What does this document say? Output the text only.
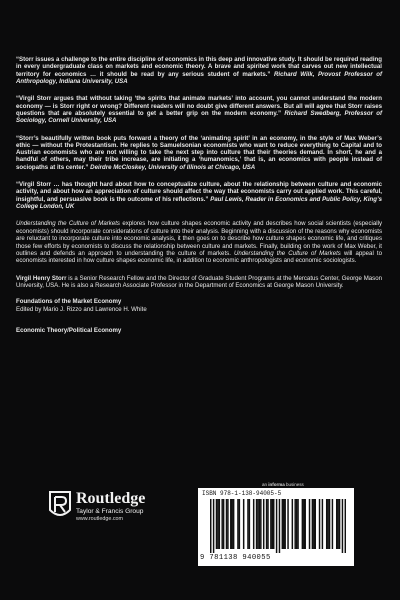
“Storr issues a challenge to the entire discipline of economics in this deep and innovative study. It should be required reading in every undergraduate class on markets and economic theory. A brave and spirited work that carves out new intellectual territory for economics … it should be read by any serious student of markets.” Richard Wilk, Provost Professor of Anthropology, Indiana University, USA

“Virgil Storr argues that without taking ‘the spirits that animate markets’ into account, you cannot understand the modern economy — is Storr right or wrong? Different readers will no doubt give different answers. But all will agree that Storr raises questions that are absolutely essential to get a better grip on the modern economy.” Richard Swedberg, Professor of Sociology, Cornell University, USA

“Storr’s beautifully written book puts forward a theory of the ‘animating spirit’ in an economy, in the style of Max Weber’s ethic — without the Protestantism. He replies to Samuelsonian economists who want to reduce everything to Capital and to Austrian economists who are not willing to take the next step into culture that their theories demand. In short, he and a handful of others, may their tribe increase, are initiating a ‘humanomics,’ that is, an economics with people instead of sociopaths at its center.” Deirdre McCloskey, University of Illinois at Chicago, USA

“Virgil Storr … has thought hard about how to conceptualize culture, about the relationship between culture and economic activity, and about how an appreciation of culture should affect the way that economists carry out applied work. This careful, insightful, and persuasive book is the outcome of his reflections.” Paul Lewis, Reader in Economics and Public Policy, King’s College London, UK

Understanding the Culture of Markets explores how culture shapes economic activity and describes how social scientists (especially economists) should incorporate considerations of culture into their analysis. Beginning with a discussion of the reasons why economists are reluctant to incorporate culture into economic analysis, it then goes on to describe how culture shapes economic life, and critiques those few efforts by economists to discuss the relationship between culture and markets. Finally, building on the work of Max Weber, it outlines and defends an approach to understanding the culture of markets. Understanding the Culture of Markets will appeal to economists interested in how culture shapes economic life, in addition to economic anthropologists and economic sociologists.

Virgil Henry Storr is a Senior Research Fellow and the Director of Graduate Student Programs at the Mercatus Center, George Mason University, USA. He is also a Research Associate Professor in the Department of Economics at George Mason University.

Foundations of the Market Economy
Edited by Mario J. Rizzo and Lawrence H. White

Economic Theory/Political Economy

an informa business
Routledge
Taylor & Francis Group
www.routledge.com
ISBN 978-1-138-94005-5
9 781138 940055
